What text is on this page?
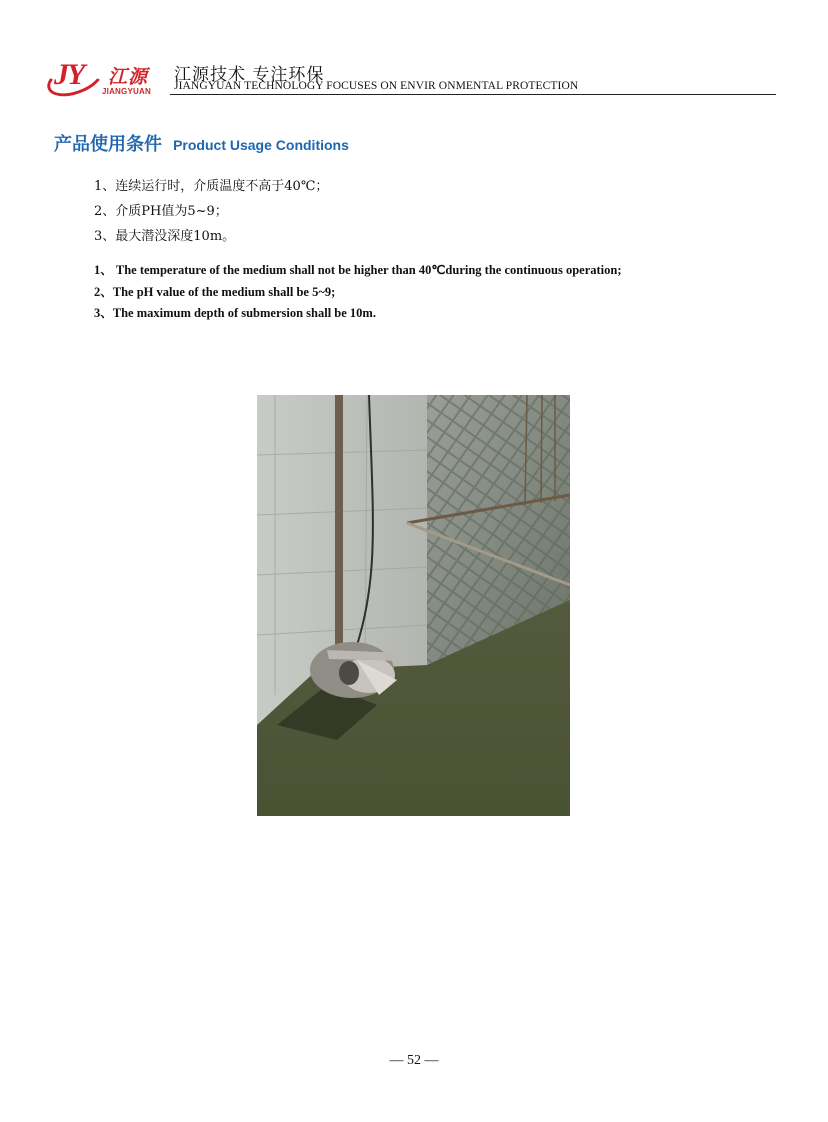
JY 江源
JIANGYUAN
江源技术 专注环保
JIANGYUAN TECHNOLOGY FOCUSES ON ENVIR ONMENTAL PROTECTION
产品使用条件 Product Usage Conditions
1、连续运行时，介质温度不高于40℃；
2、介质PH值为5~9；
3、最大潜没深度10m。
1、 The temperature of the medium shall not be higher than 40℃during the continuous operation;
2、The pH value of the medium shall be 5~9;
3、The maximum depth of submersion shall be 10m.
— 52 —
